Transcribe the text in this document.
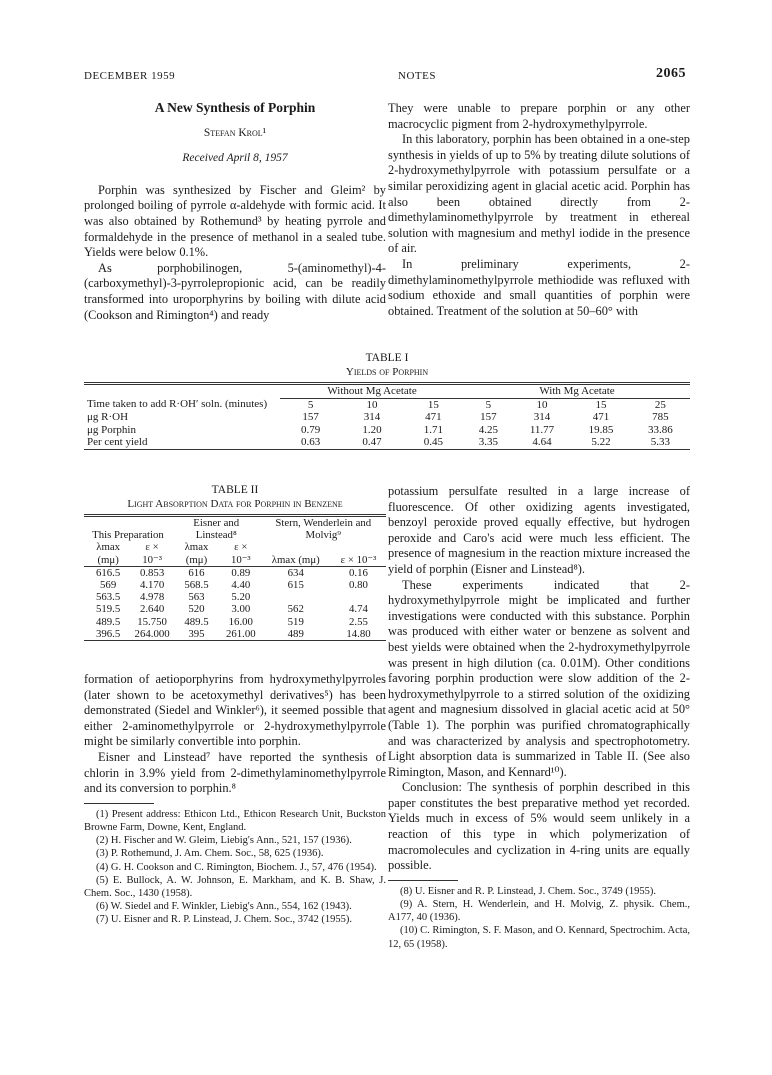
DECEMBER 1959	NOTES	2065
A New Synthesis of Porphin
Stefan Krol¹
Received April 8, 1957

Porphin was synthesized by Fischer and Gleim² by prolonged boiling of pyrrole α-aldehyde with formic acid. It was also obtained by Rothemund³ by heating pyrrole and formaldehyde in the presence of methanol in a sealed tube. Yields were below 0.1%.

As porphobilinogen, 5-(aminomethyl)-4-(carboxymethyl)-3-pyrrolepropionic acid, can be readily transformed into uroporphyrins by boiling with dilute acid (Cookson and Rimington⁴) and ready

They were unable to prepare porphin or any other macrocyclic pigment from 2-hydroxymethylpyrrole.

In this laboratory, porphin has been obtained in a one-step synthesis in yields of up to 5% by treating dilute solutions of 2-hydroxymethylpyrrole with potassium persulfate or a similar peroxidizing agent in glacial acetic acid. Porphin has also been obtained directly from 2-dimethylaminomethylpyrrole by treatment in ethereal solution with magnesium and methyl iodide in the presence of air.

In preliminary experiments, 2-dimethylaminomethylpyrrole methiodide was refluxed with sodium ethoxide and small quantities of porphin were obtained. Treatment of the solution at 50–60° with

TABLE I
Yields of Porphin
	Without Mg Acetate			With Mg Acetate			
Time taken to add R·OH′ soln. (minutes)	5	10	15	5	10	15	25
μg R·OH	157	314	471	157	314	471	785
μg Porphin	0.79	1.20	1.71	4.25	11.77	19.85	33.86
Per cent yield	0.63	0.47	0.45	3.35	4.64	5.22	5.33
TABLE II
Light Absorption Data for Porphin in Benzene
This Preparation		Eisner and Linstead⁸		Stern, Wenderlein and Molvig⁹	
λmax (mμ)	ε × 10⁻³	λmax (mμ)	ε × 10⁻³	λmax (mμ)	ε × 10⁻³
616.5	0.853	616	0.89	634	0.16
569	4.170	568.5	4.40	615	0.80
563.5	4.978	563	5.20		
519.5	2.640	520	3.00	562	4.74
489.5	15.750	489.5	16.00	519	2.55
396.5	264.000	395	261.00	489	14.80

formation of aetioporphyrins from hydroxymethylpyrroles (later shown to be acetoxymethyl derivatives⁵) has been demonstrated (Siedel and Winkler⁶), it seemed possible that either 2-aminomethylpyrrole or 2-hydroxymethylpyrrole might be similarly convertible into porphin.

Eisner and Linstead⁷ have reported the synthesis of chlorin in 3.9% yield from 2-dimethylaminomethylpyrrole and its conversion to porphin.⁸

(1) Present address: Ethicon Ltd., Ethicon Research Unit, Buckston Browne Farm, Downe, Kent, England.

(2) H. Fischer and W. Gleim, Liebig's Ann., 521, 157 (1936).

(3) P. Rothemund, J. Am. Chem. Soc., 58, 625 (1936).

(4) G. H. Cookson and C. Rimington, Biochem. J., 57, 476 (1954).

(5) E. Bullock, A. W. Johnson, E. Markham, and K. B. Shaw, J. Chem. Soc., 1430 (1958).

(6) W. Siedel and F. Winkler, Liebig's Ann., 554, 162 (1943).

(7) U. Eisner and R. P. Linstead, J. Chem. Soc., 3742 (1955).

potassium persulfate resulted in a large increase of fluorescence. Of other oxidizing agents investigated, benzoyl peroxide proved equally effective, but hydrogen peroxide and Caro's acid were much less efficient. The presence of magnesium in the reaction mixture increased the yield of porphin (Eisner and Linstead⁸).

These experiments indicated that 2-hydroxymethylpyrrole might be implicated and further investigations were conducted with this substance. Porphin was produced with either water or benzene as solvent and best yields were obtained when the 2-hydroxymethylpyrrole was present in high dilution (ca. 0.01M). Other conditions favoring porphin production were slow addition of the 2-hydroxymethylpyrrole to a stirred solution of the oxidizing agent and magnesium dissolved in glacial acetic acid at 50° (Table 1). The porphin was purified chromatographically and was characterized by analysis and spectrophotometry. Light absorption data is summarized in Table II. (See also Rimington, Mason, and Kennard¹⁰).

Conclusion: The synthesis of porphin described in this paper constitutes the best preparative method yet recorded. Yields much in excess of 5% would seem unlikely in a reaction of this type in which polymerization of macromolecules and cyclization in 4-ring units are equally possible.

(8) U. Eisner and R. P. Linstead, J. Chem. Soc., 3749 (1955).

(9) A. Stern, H. Wenderlein, and H. Molvig, Z. physik. Chem., A177, 40 (1936).

(10) C. Rimington, S. F. Mason, and O. Kennard, Spectrochim. Acta, 12, 65 (1958).
